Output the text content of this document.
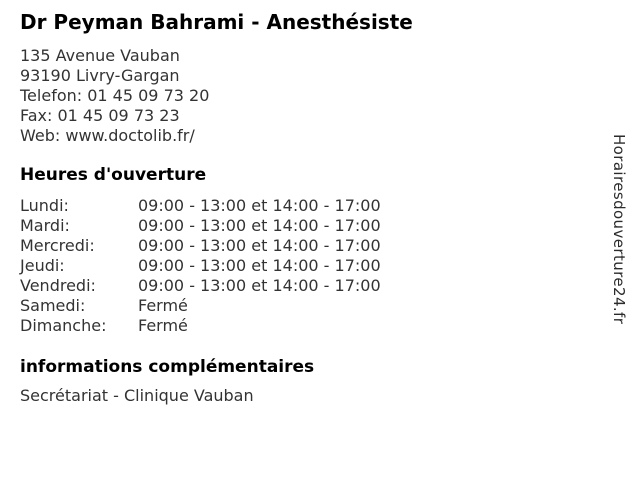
Dr Peyman Bahrami - Anesthésiste
135 Avenue Vauban
93190 Livry-Gargan
Telefon: 01 45 09 73 20
Fax: 01 45 09 73 23
Web: www.doctolib.fr/
Heures d'ouverture
Lundi:	09:00 - 13:00 et 14:00 - 17:00
Mardi:	09:00 - 13:00 et 14:00 - 17:00
Mercredi:	09:00 - 13:00 et 14:00 - 17:00
Jeudi:	09:00 - 13:00 et 14:00 - 17:00
Vendredi:	09:00 - 13:00 et 14:00 - 17:00
Samedi:	Fermé
Dimanche:	Fermé
informations complémentaires
Secrétariat - Clinique Vauban
Horairesdouverture24.fr
